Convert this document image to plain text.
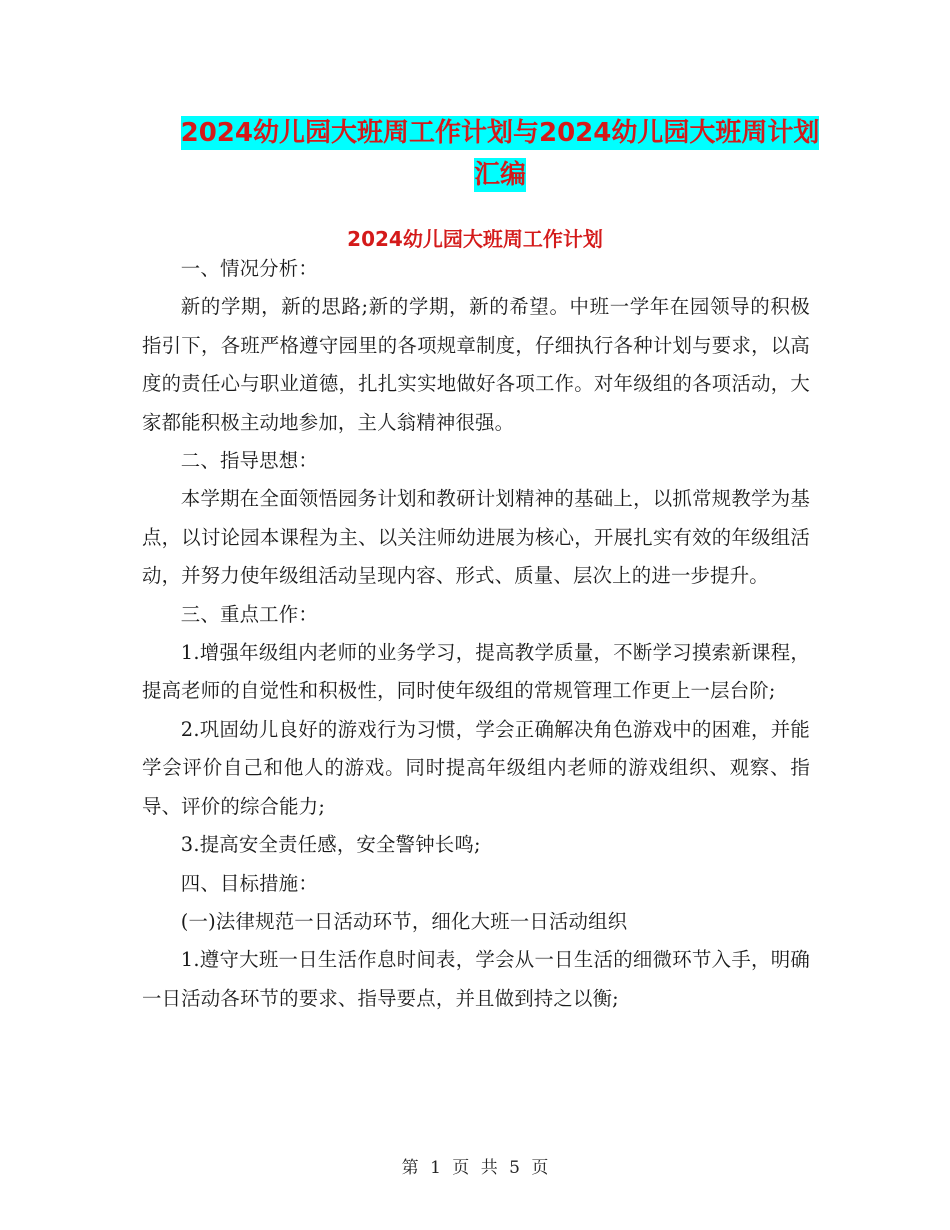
2024幼儿园大班周工作计划与2024幼儿园大班周计划
汇编
2024幼儿园大班周工作计划

一、情况分析：

新的学期，新的思路;新的学期，新的希望。中班一学年在园领导的积极指引下，各班严格遵守园里的各项规章制度，仔细执行各种计划与要求，以高度的责任心与职业道德，扎扎实实地做好各项工作。对年级组的各项活动，大家都能积极主动地参加，主人翁精神很强。

二、指导思想：

本学期在全面领悟园务计划和教研计划精神的基础上，以抓常规教学为基点，以讨论园本课程为主、以关注师幼进展为核心，开展扎实有效的年级组活动，并努力使年级组活动呈现内容、形式、质量、层次上的进一步提升。

三、重点工作：

1.增强年级组内老师的业务学习，提高教学质量，不断学习摸索新课程，提高老师的自觉性和积极性，同时使年级组的常规管理工作更上一层台阶;

2.巩固幼儿良好的游戏行为习惯，学会正确解决角色游戏中的困难，并能学会评价自己和他人的游戏。同时提高年级组内老师的游戏组织、观察、指导、评价的综合能力;

3.提高安全责任感，安全警钟长鸣;

四、目标措施：

(一)法律规范一日活动环节，细化大班一日活动组织

1.遵守大班一日生活作息时间表，学会从一日生活的细微环节入手，明确一日活动各环节的要求、指导要点，并且做到持之以衡;

第 1 页 共 5 页
